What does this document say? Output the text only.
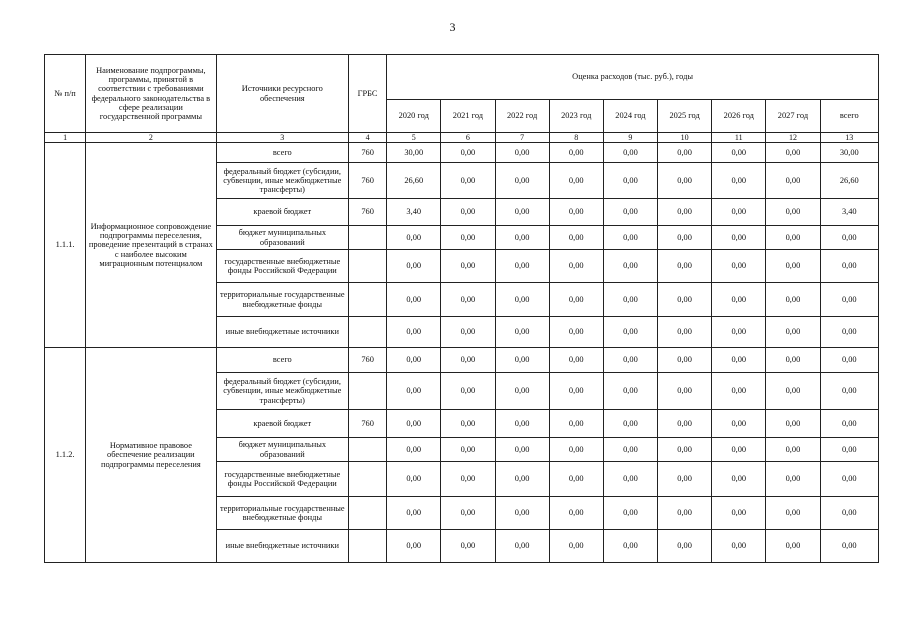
3
№ п/п	Наименование подпрограммы, программы, принятой в соответствии с требованиями федерального законодательства в сфере реализации государственной программы	Источники ресурсного обеспечения	ГРБС	Оценка расходов (тыс. руб.), годы								
				2020 год	2021 год	2022 год	2023 год	2024 год	2025 год	2026 год	2027 год	всего
1	2	3	4	5	6	7	8	9	10	11	12	13
1.1.1.	Информационное сопровождение подпрограммы переселения, проведение презентаций в странах с наиболее высоким миграционным потенциалом	всего	760	30,00	0,00	0,00	0,00	0,00	0,00	0,00	0,00	30,00
		федеральный бюджет (субсидии, субвенции, иные межбюджетные трансферты)	760	26,60	0,00	0,00	0,00	0,00	0,00	0,00	0,00	26,60
		краевой бюджет	760	3,40	0,00	0,00	0,00	0,00	0,00	0,00	0,00	3,40
		бюджет муниципальных образований		0,00	0,00	0,00	0,00	0,00	0,00	0,00	0,00	0,00
		государственные внебюджетные фонды Российской Федерации		0,00	0,00	0,00	0,00	0,00	0,00	0,00	0,00	0,00
		территориальные государственные внебюджетные фонды		0,00	0,00	0,00	0,00	0,00	0,00	0,00	0,00	0,00
		иные внебюджетные источники		0,00	0,00	0,00	0,00	0,00	0,00	0,00	0,00	0,00
1.1.2.	Нормативное правовое обеспечение реализации подпрограммы переселения	всего	760	0,00	0,00	0,00	0,00	0,00	0,00	0,00	0,00	0,00
		федеральный бюджет (субсидии, субвенции, иные межбюджетные трансферты)		0,00	0,00	0,00	0,00	0,00	0,00	0,00	0,00	0,00
		краевой бюджет	760	0,00	0,00	0,00	0,00	0,00	0,00	0,00	0,00	0,00
		бюджет муниципальных образований		0,00	0,00	0,00	0,00	0,00	0,00	0,00	0,00	0,00
		государственные внебюджетные фонды Российской Федерации		0,00	0,00	0,00	0,00	0,00	0,00	0,00	0,00	0,00
		территориальные государственные внебюджетные фонды		0,00	0,00	0,00	0,00	0,00	0,00	0,00	0,00	0,00
		иные внебюджетные источники		0,00	0,00	0,00	0,00	0,00	0,00	0,00	0,00	0,00
